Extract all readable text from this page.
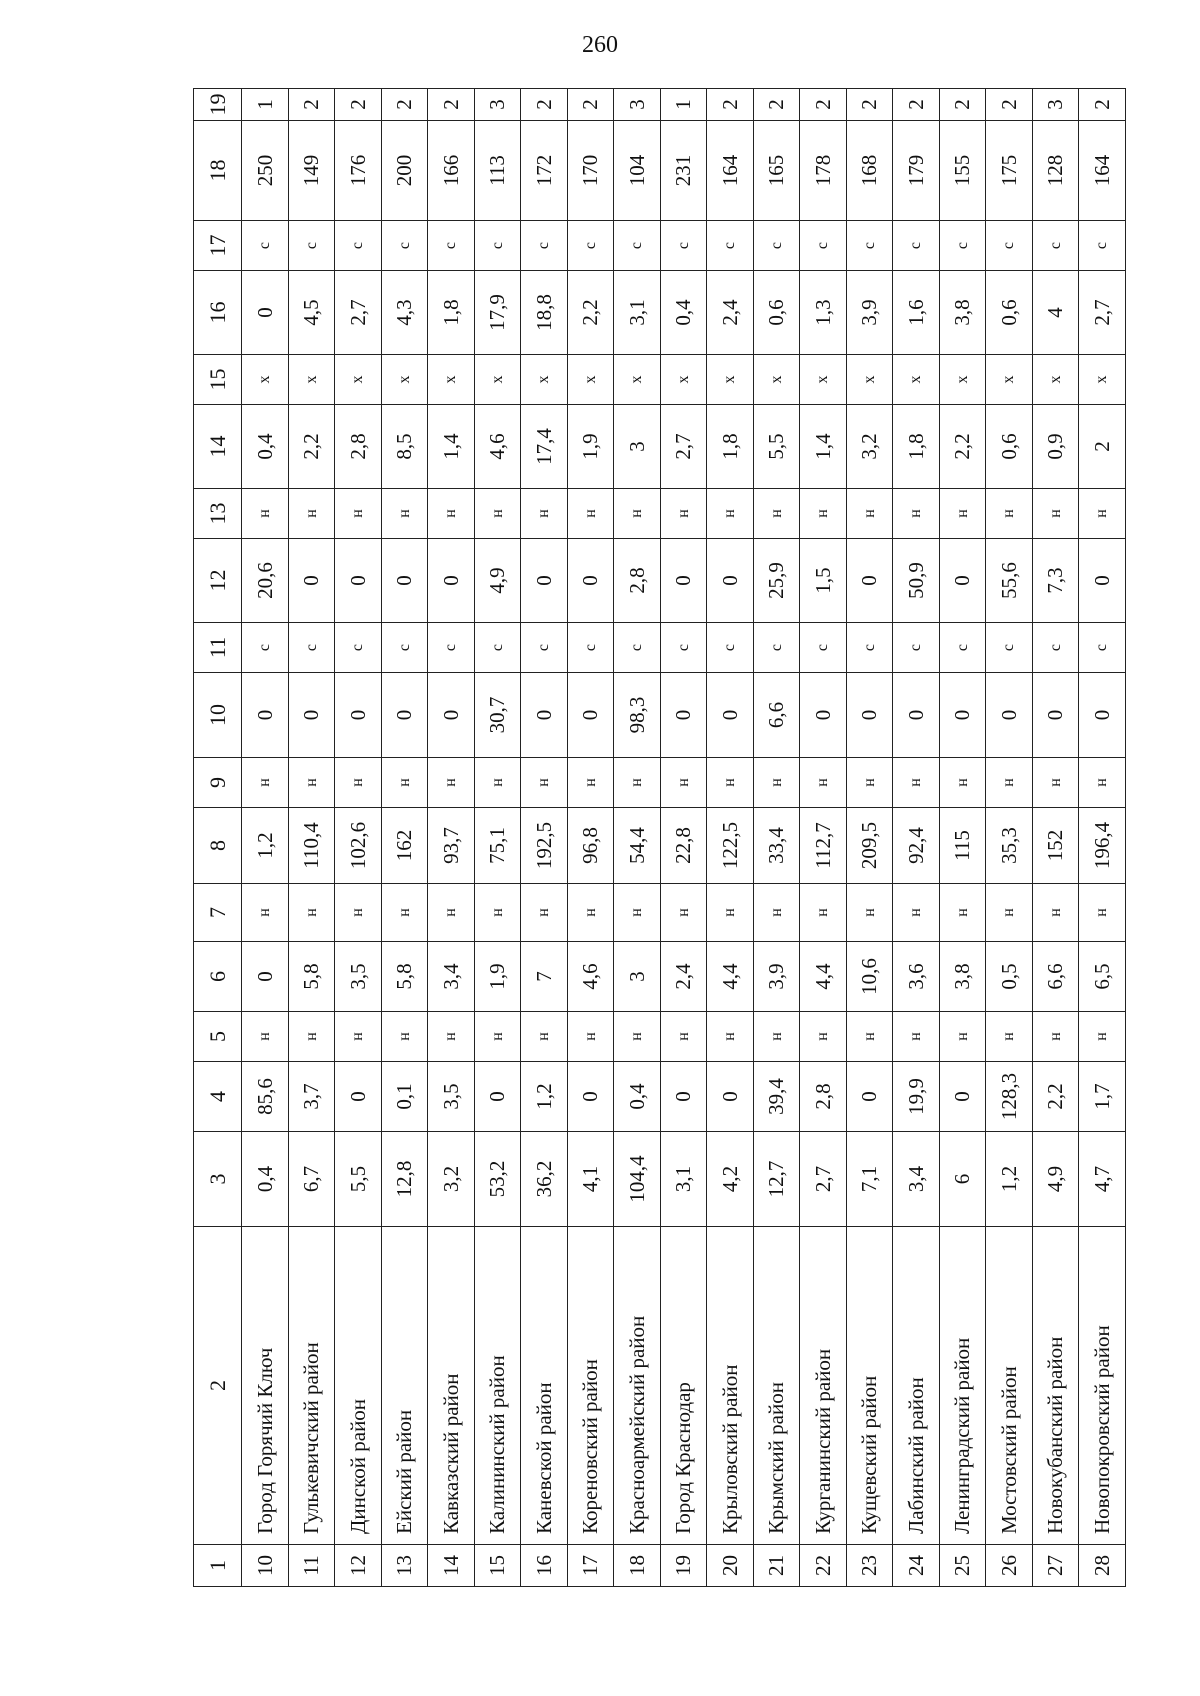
260
1	2	3	4	5	6	7	8	9	10	11	12	13	14	15	16	17	18	19
10	Город Горячий Ключ	0,4	85,6	н	0	н	1,2	н	0	с	20,6	н	0,4	х	0	с	250	1
11	Гулькевичский район	6,7	3,7	н	5,8	н	110,4	н	0	с	0	н	2,2	х	4,5	с	149	2
12	Динской район	5,5	0	н	3,5	н	102,6	н	0	с	0	н	2,8	х	2,7	с	176	2
13	Ейский район	12,8	0,1	н	5,8	н	162	н	0	с	0	н	8,5	х	4,3	с	200	2
14	Кавказский район	3,2	3,5	н	3,4	н	93,7	н	0	с	0	н	1,4	х	1,8	с	166	2
15	Калининский район	53,2	0	н	1,9	н	75,1	н	30,7	с	4,9	н	4,6	х	17,9	с	113	3
16	Каневской район	36,2	1,2	н	7	н	192,5	н	0	с	0	н	17,4	х	18,8	с	172	2
17	Кореновский район	4,1	0	н	4,6	н	96,8	н	0	с	0	н	1,9	х	2,2	с	170	2
18	Красноармейский район	104,4	0,4	н	3	н	54,4	н	98,3	с	2,8	н	3	х	3,1	с	104	3
19	Город Краснодар	3,1	0	н	2,4	н	22,8	н	0	с	0	н	2,7	х	0,4	с	231	1
20	Крыловский район	4,2	0	н	4,4	н	122,5	н	0	с	0	н	1,8	х	2,4	с	164	2
21	Крымский район	12,7	39,4	н	3,9	н	33,4	н	6,6	с	25,9	н	5,5	х	0,6	с	165	2
22	Курганинский район	2,7	2,8	н	4,4	н	112,7	н	0	с	1,5	н	1,4	х	1,3	с	178	2
23	Кущевский район	7,1	0	н	10,6	н	209,5	н	0	с	0	н	3,2	х	3,9	с	168	2
24	Лабинский район	3,4	19,9	н	3,6	н	92,4	н	0	с	50,9	н	1,8	х	1,6	с	179	2
25	Ленинградский район	6	0	н	3,8	н	115	н	0	с	0	н	2,2	х	3,8	с	155	2
26	Мостовский район	1,2	128,3	н	0,5	н	35,3	н	0	с	55,6	н	0,6	х	0,6	с	175	2
27	Новокубанский район	4,9	2,2	н	6,6	н	152	н	0	с	7,3	н	0,9	х	4	с	128	3
28	Новопокровский район	4,7	1,7	н	6,5	н	196,4	н	0	с	0	н	2	х	2,7	с	164	2
